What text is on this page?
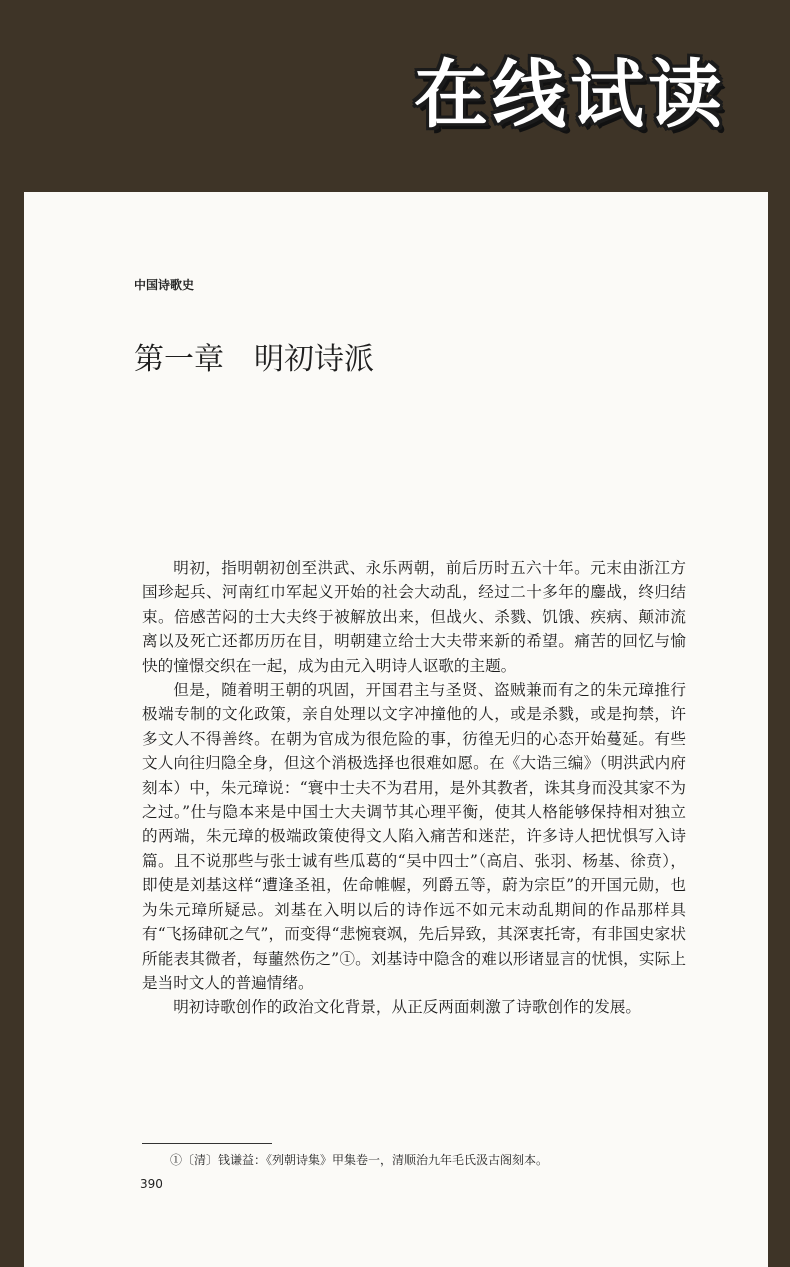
在线试读
中国诗歌史
第一章　明初诗派

明初，指明朝初创至洪武、永乐两朝，前后历时五六十年。元末由浙江方国珍起兵、河南红巾军起义开始的社会大动乱，经过二十多年的鏖战，终归结束。倍感苦闷的士大夫终于被解放出来，但战火、杀戮、饥饿、疾病、颠沛流离以及死亡还都历历在目，明朝建立给士大夫带来新的希望。痛苦的回忆与愉快的憧憬交织在一起，成为由元入明诗人讴歌的主题。

但是，随着明王朝的巩固，开国君主与圣贤、盗贼兼而有之的朱元璋推行极端专制的文化政策，亲自处理以文字冲撞他的人，或是杀戮，或是拘禁，许多文人不得善终。在朝为官成为很危险的事，彷徨无归的心态开始蔓延。有些文人向往归隐全身，但这个消极选择也很难如愿。在《大诰三编》（明洪武内府刻本）中，朱元璋说：“寰中士夫不为君用，是外其教者，诛其身而没其家不为之过。”仕与隐本来是中国士大夫调节其心理平衡，使其人格能够保持相对独立的两端，朱元璋的极端政策使得文人陷入痛苦和迷茫，许多诗人把忧惧写入诗篇。且不说那些与张士诚有些瓜葛的“吴中四士”（高启、张羽、杨基、徐贲），即使是刘基这样“遭逢圣祖，佐命帷幄，列爵五等，蔚为宗臣”的开国元勋，也为朱元璋所疑忌。刘基在入明以后的诗作远不如元末动乱期间的作品那样具有“飞扬硉矹之气”，而变得“悲惋衰飒，先后异致，其深衷托寄，有非国史家状所能表其微者，每蘁然伤之”①。刘基诗中隐含的难以形诸显言的忧惧，实际上是当时文人的普遍情绪。

明初诗歌创作的政治文化背景，从正反两面刺激了诗歌创作的发展。

①〔清〕钱谦益：《列朝诗集》甲集卷一，清顺治九年毛氏汲古阁刻本。
390
